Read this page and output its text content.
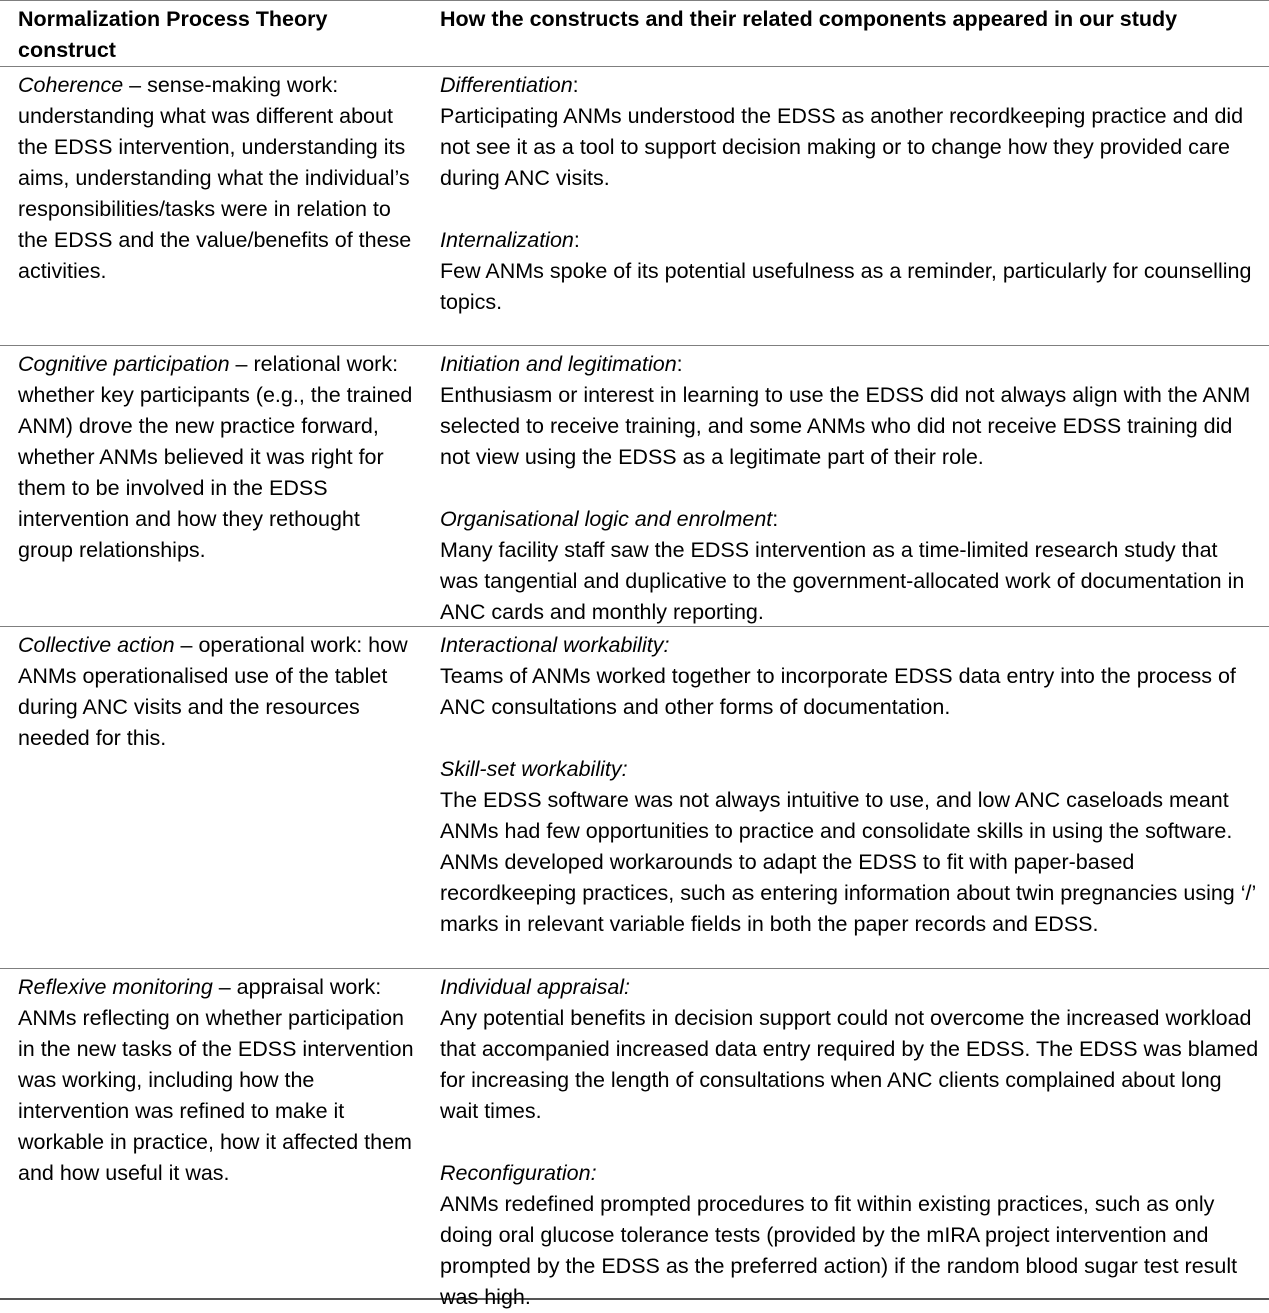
Normalization Process Theory construct
How the constructs and their related components appeared in our study
Coherence – sense-making work: understanding what was different about the EDSS intervention, understanding its aims, understanding what the individual’s responsibilities/tasks were in relation to the EDSS and the value/benefits of these activities.

Differentiation:

Participating ANMs understood the EDSS as another recordkeeping practice and did not see it as a tool to support decision making or to change how they provided care during ANC visits.

Internalization:

Few ANMs spoke of its potential usefulness as a reminder, particularly for counselling topics.

Cognitive participation – relational work: whether key participants (e.g., the trained ANM) drove the new practice forward, whether ANMs believed it was right for them to be involved in the EDSS intervention and how they rethought group relationships.

Initiation and legitimation:

Enthusiasm or interest in learning to use the EDSS did not always align with the ANM selected to receive training, and some ANMs who did not receive EDSS training did not view using the EDSS as a legitimate part of their role.

Organisational logic and enrolment:

Many facility staff saw the EDSS intervention as a time-limited research study that was tangential and duplicative to the government-allocated work of documentation in ANC cards and monthly reporting.

Collective action – operational work: how ANMs operationalised use of the tablet during ANC visits and the resources needed for this.

Interactional workability:

Teams of ANMs worked together to incorporate EDSS data entry into the process of ANC consultations and other forms of documentation.

Skill-set workability:

The EDSS software was not always intuitive to use, and low ANC caseloads meant ANMs had few opportunities to practice and consolidate skills in using the software. ANMs developed workarounds to adapt the EDSS to fit with paper-based recordkeeping practices, such as entering information about twin pregnancies using ‘/’ marks in relevant variable fields in both the paper records and EDSS.

Reflexive monitoring – appraisal work: ANMs reflecting on whether participation in the new tasks of the EDSS intervention was working, including how the intervention was refined to make it workable in practice, how it affected them and how useful it was.

Individual appraisal:

Any potential benefits in decision support could not overcome the increased workload that accompanied increased data entry required by the EDSS. The EDSS was blamed for increasing the length of consultations when ANC clients complained about long wait times.

Reconfiguration:

ANMs redefined prompted procedures to fit within existing practices, such as only doing oral glucose tolerance tests (provided by the mIRA project intervention and prompted by the EDSS as the preferred action) if the random blood sugar test result was high.
